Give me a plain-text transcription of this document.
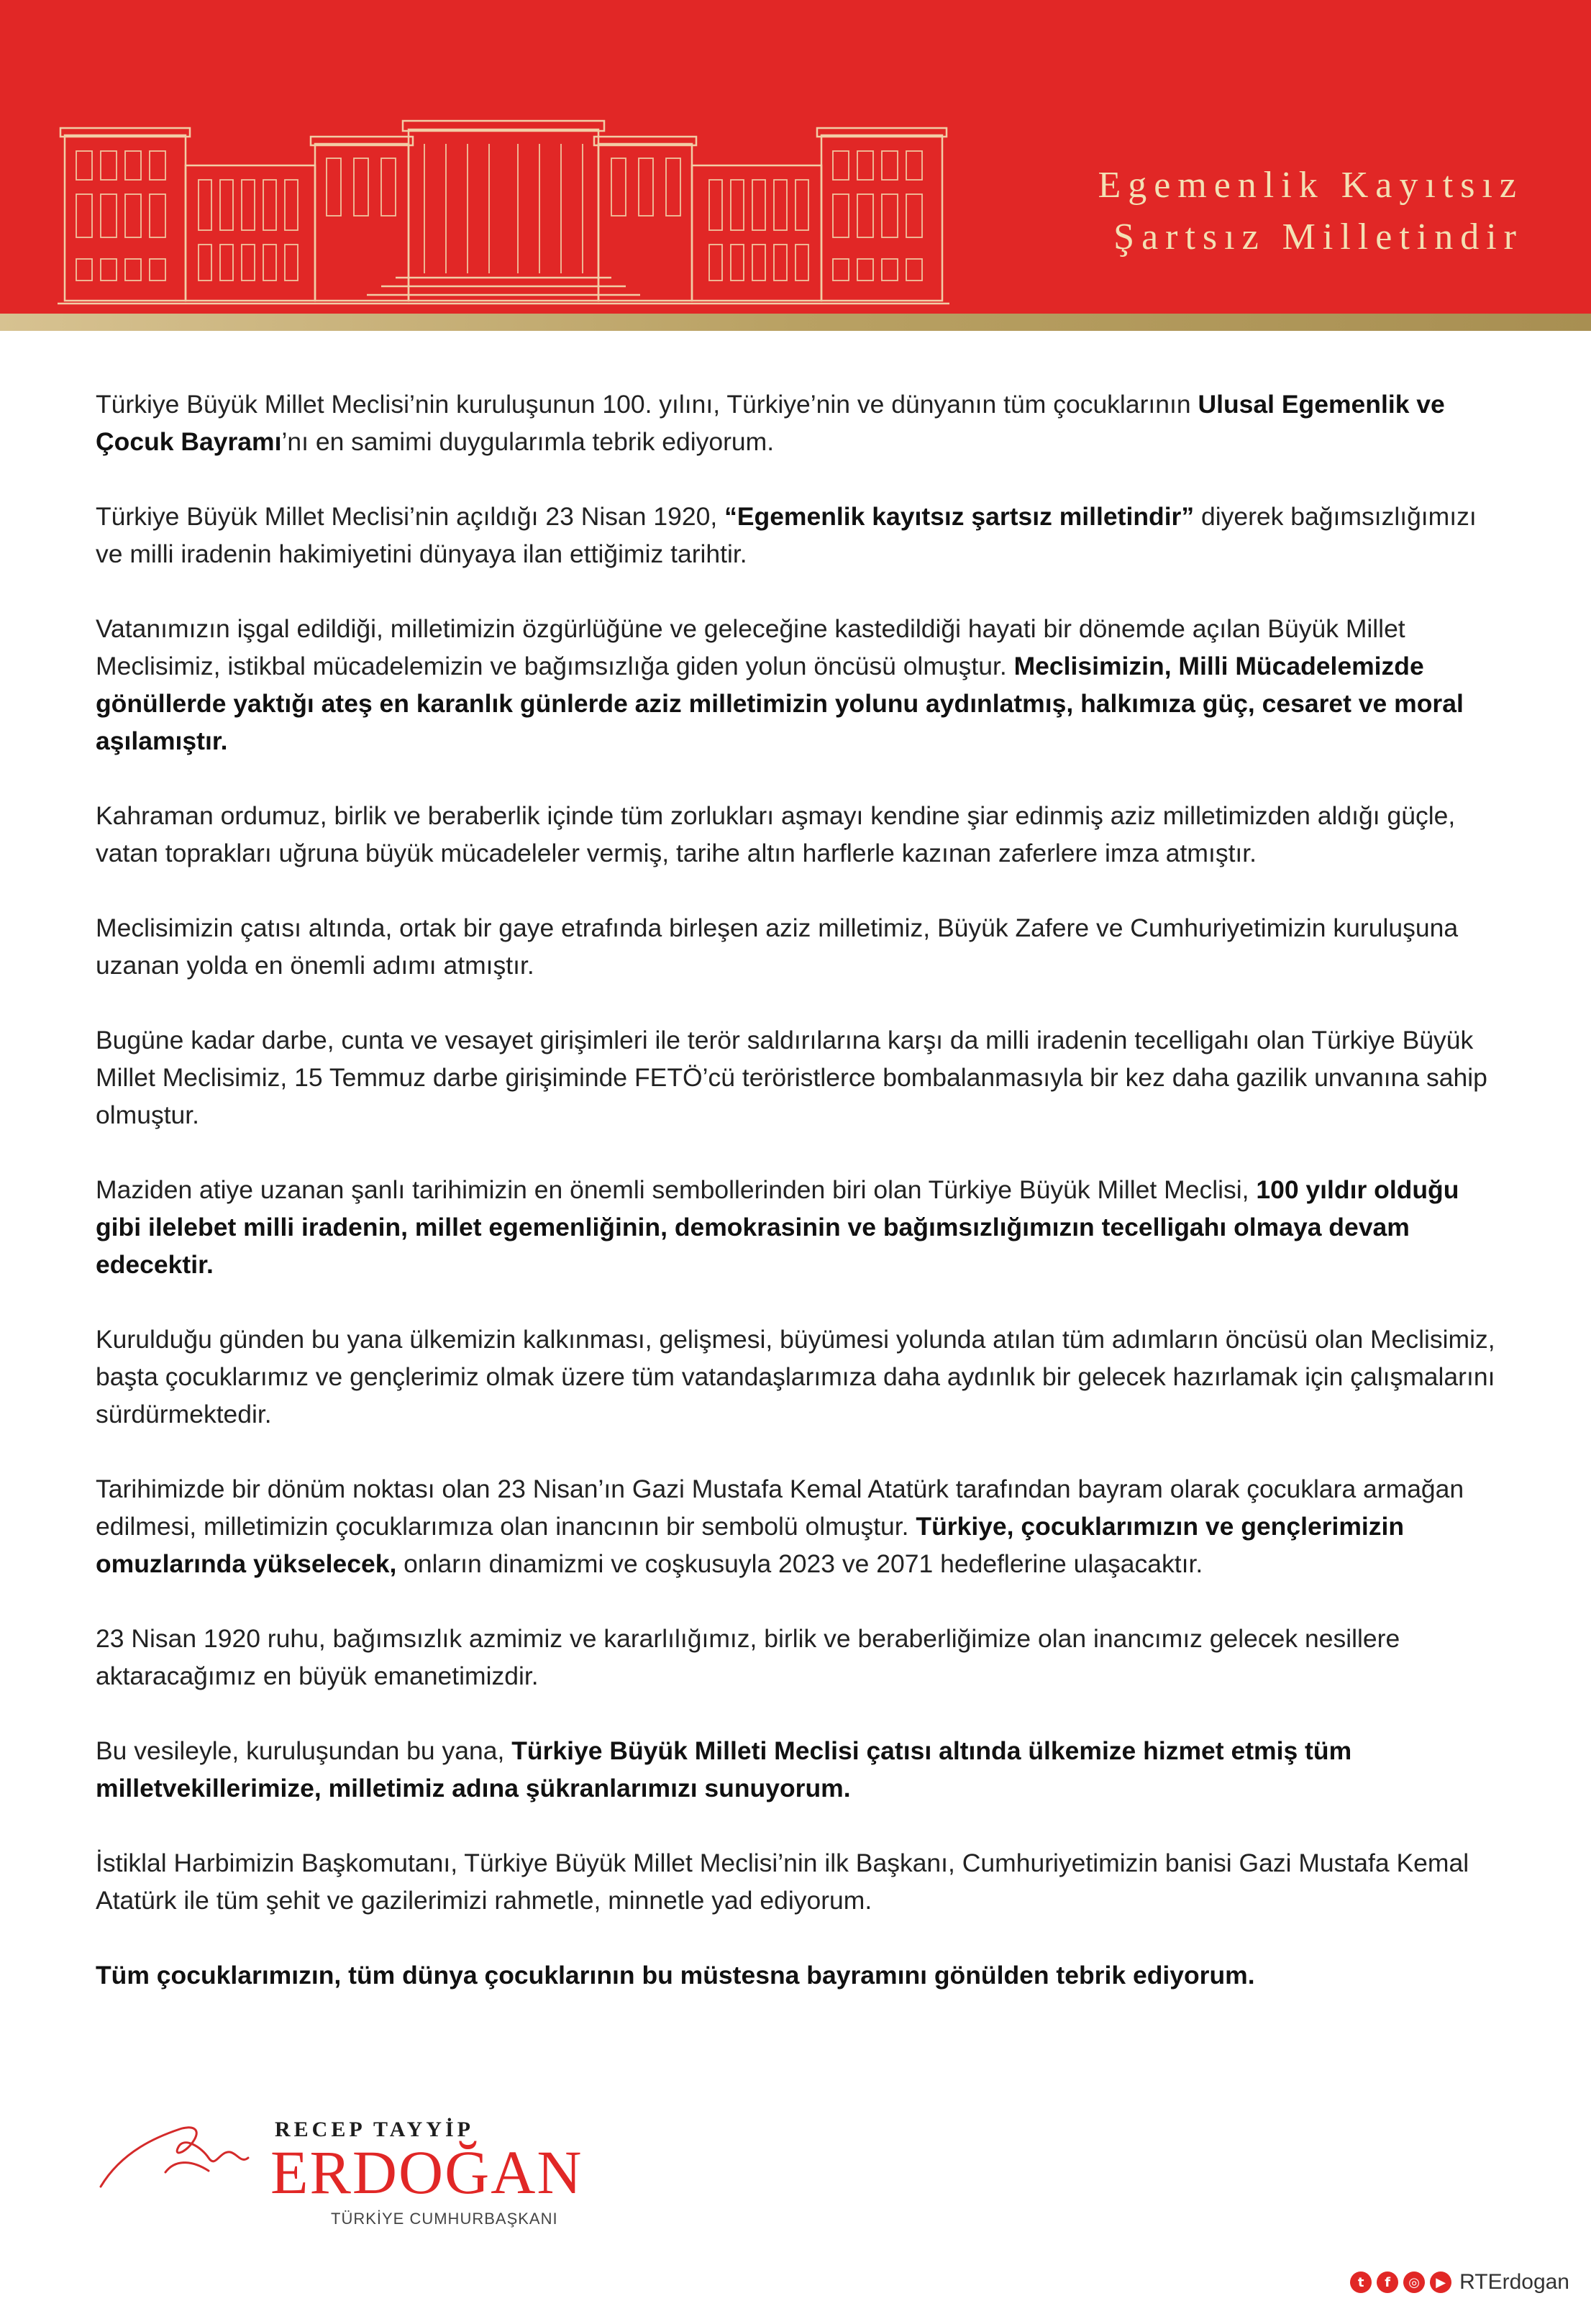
Egemenlik Kayıtsız
Şartsız Milletindir

Türkiye Büyük Millet Meclisi’nin kuruluşunun 100. yılını, Türkiye’nin ve dünyanın tüm çocuklarının Ulusal Egemenlik ve Çocuk Bayramı’nı en samimi duygularımla tebrik ediyorum.

Türkiye Büyük Millet Meclisi’nin açıldığı 23 Nisan 1920, “Egemenlik kayıtsız şartsız milletindir” diyerek bağımsızlığımızı ve milli iradenin hakimiyetini dünyaya ilan ettiğimiz tarihtir.

Vatanımızın işgal edildiği, milletimizin özgürlüğüne ve geleceğine kastedildiği hayati bir dönemde açılan Büyük Millet Meclisimiz, istikbal mücadelemizin ve bağımsızlığa giden yolun öncüsü olmuştur. Meclisimizin, Milli Mücadelemizde gönüllerde yaktığı ateş en karanlık günlerde aziz milletimizin yolunu aydınlatmış, halkımıza güç, cesaret ve moral aşılamıştır.

Kahraman ordumuz, birlik ve beraberlik içinde tüm zorlukları aşmayı kendine şiar edinmiş aziz milletimizden aldığı güçle, vatan toprakları uğruna büyük mücadeleler vermiş, tarihe altın harflerle kazınan zaferlere imza atmıştır.

Meclisimizin çatısı altında, ortak bir gaye etrafında birleşen aziz milletimiz, Büyük Zafere ve Cumhuriyetimizin kuruluşuna uzanan yolda en önemli adımı atmıştır.

Bugüne kadar darbe, cunta ve vesayet girişimleri ile terör saldırılarına karşı da milli iradenin tecelligahı olan Türkiye Büyük Millet Meclisimiz, 15 Temmuz darbe girişiminde FETÖ’cü teröristlerce bombalanmasıyla bir kez daha gazilik unvanına sahip olmuştur.

Maziden atiye uzanan şanlı tarihimizin en önemli sembollerinden biri olan Türkiye Büyük Millet Meclisi, 100 yıldır olduğu gibi ilelebet milli iradenin, millet egemenliğinin, demokrasinin ve bağımsızlığımızın tecelligahı olmaya devam edecektir.

Kurulduğu günden bu yana ülkemizin kalkınması, gelişmesi, büyümesi yolunda atılan tüm adımların öncüsü olan Meclisimiz, başta çocuklarımız ve gençlerimiz olmak üzere tüm vatandaşlarımıza daha aydınlık bir gelecek hazırlamak için çalışmalarını sürdürmektedir.

Tarihimizde bir dönüm noktası olan 23 Nisan’ın Gazi Mustafa Kemal Atatürk tarafından bayram olarak çocuklara armağan edilmesi, milletimizin çocuklarımıza olan inancının bir sembolü olmuştur. Türkiye, çocuklarımızın ve gençlerimizin omuzlarında yükselecek, onların dinamizmi ve coşkusuyla 2023 ve 2071 hedeflerine ulaşacaktır.

23 Nisan 1920 ruhu, bağımsızlık azmimiz ve kararlılığımız, birlik ve beraberliğimize olan inancımız gelecek nesillere aktaracağımız en büyük emanetimizdir.

Bu vesileyle, kuruluşundan bu yana, Türkiye Büyük Milleti Meclisi çatısı altında ülkemize hizmet etmiş tüm milletvekillerimize, milletimiz adına şükranlarımızı sunuyorum.

İstiklal Harbimizin Başkomutanı, Türkiye Büyük Millet Meclisi’nin ilk Başkanı, Cumhuriyetimizin banisi Gazi Mustafa Kemal Atatürk ile tüm şehit ve gazilerimizi rahmetle, minnetle yad ediyorum.

Tüm çocuklarımızın, tüm dünya çocuklarının bu müstesna bayramını gönülden tebrik ediyorum.

RECEP TAYYİP
ERDOĞAN
TÜRKİYE CUMHURBAŞKANI
t	f	◎	▶ RTErdogan
